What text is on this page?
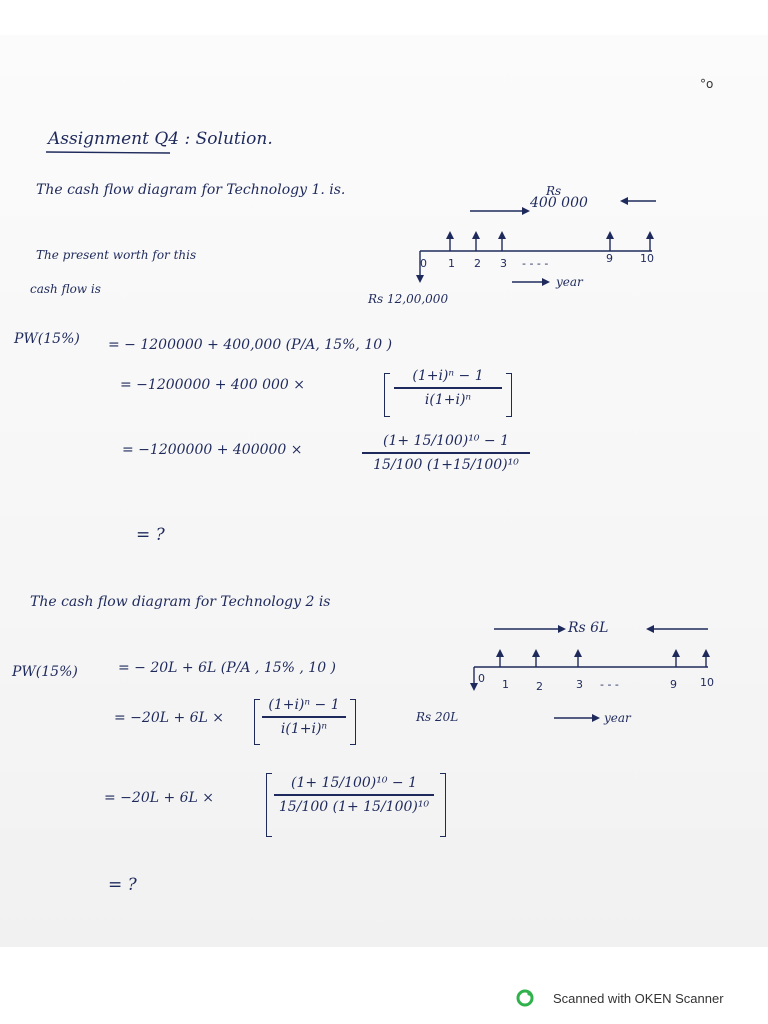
°o
Assignment Q4 : Solution.
The cash flow diagram for Technology 1. is.
The present worth for this
cash flow is
Rs
400 000
0 1 2 3 - - - -	9 10
Rs 12,00,000
year
PW(15%) = − 1200000 + 400,000 (P/A, 15%, 10 )
= −1200000 + 400 000 ×
(1+i)ⁿ − 1
i(1+i)ⁿ
= −1200000 + 400000 ×
(1+ 15/100)¹⁰ − 1
15/100 (1+15/100)¹⁰
= ?
The cash flow diagram for Technology 2 is
Rs 6L
0 1 2	3 - - -	9 10
Rs 20L	year
PW(15%)	= − 20L + 6L (P/A , 15% , 10 )
= −20L + 6L ×
(1+i)ⁿ − 1
i(1+i)ⁿ
= −20L + 6L ×
(1+ 15/100)¹⁰ − 1
15/100 (1+ 15/100)¹⁰
= ?
Scanned with OKEN Scanner
